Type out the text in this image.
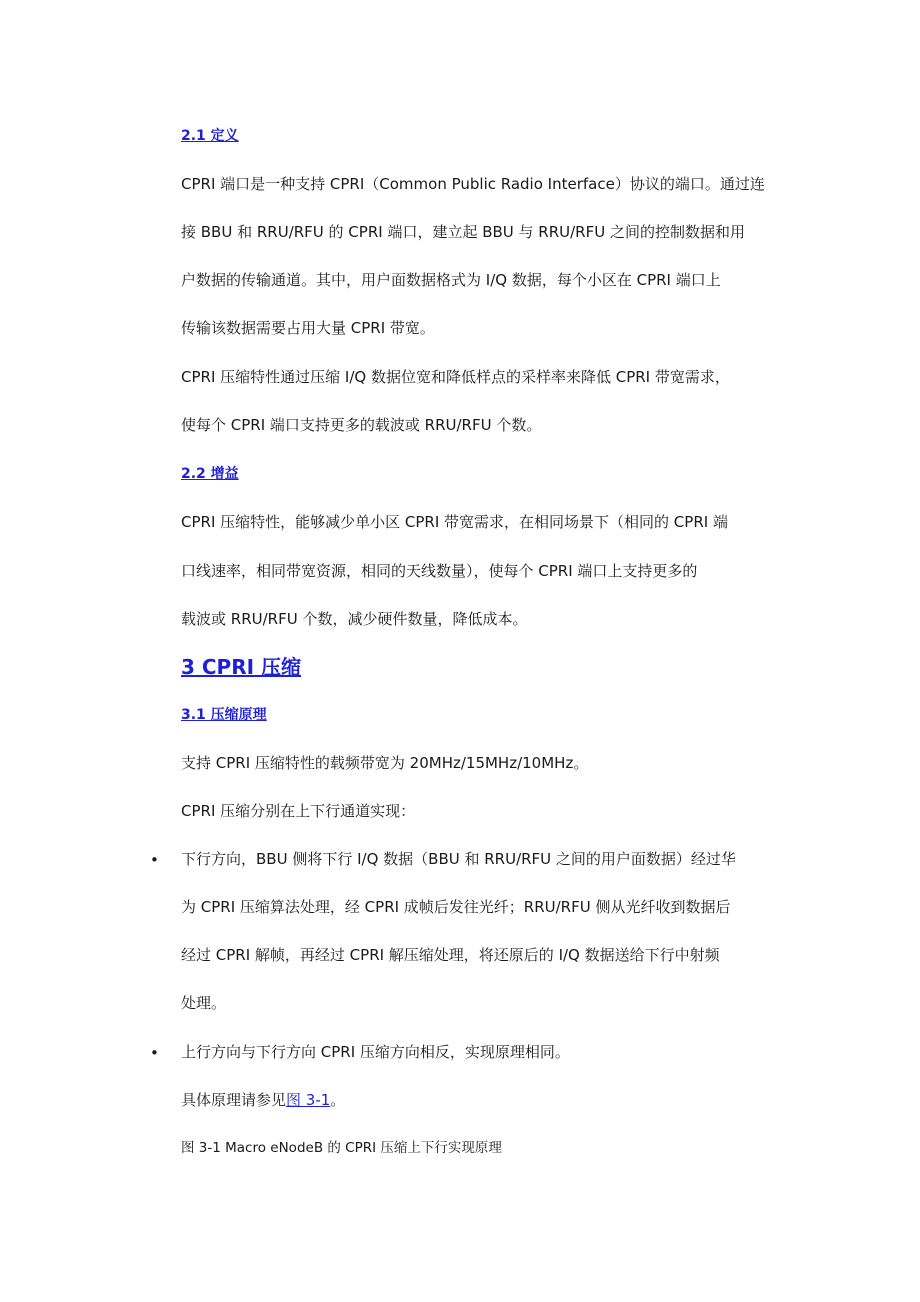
2.1 定义
CPRI 端口是一种支持 CPRI（Common Public Radio Interface）协议的端口。通过连
接 BBU 和 RRU/RFU 的 CPRI 端口，建立起 BBU 与 RRU/RFU 之间的控制数据和用
户数据的传输通道。其中，用户面数据格式为 I/Q 数据，每个小区在 CPRI 端口上
传输该数据需要占用大量 CPRI 带宽。
CPRI 压缩特性通过压缩 I/Q 数据位宽和降低样点的采样率来降低 CPRI 带宽需求，
使每个 CPRI 端口支持更多的载波或 RRU/RFU 个数。
2.2 增益
CPRI 压缩特性，能够减少单小区 CPRI 带宽需求，在相同场景下（相同的 CPRI 端
口线速率，相同带宽资源，相同的天线数量），使每个 CPRI 端口上支持更多的
载波或 RRU/RFU 个数，减少硬件数量，降低成本。
3 CPRI 压缩
3.1 压缩原理
支持 CPRI 压缩特性的载频带宽为 20MHz/15MHz/10MHz。
CPRI 压缩分别在上下行通道实现：
• 下行方向，BBU 侧将下行 I/Q 数据（BBU 和 RRU/RFU 之间的用户面数据）经过华
为 CPRI 压缩算法处理，经 CPRI 成帧后发往光纤；RRU/RFU 侧从光纤收到数据后
经过 CPRI 解帧，再经过 CPRI 解压缩处理，将还原后的 I/Q 数据送给下行中射频
处理。
• 上行方向与下行方向 CPRI 压缩方向相反，实现原理相同。
具体原理请参见图 3-1。
图 3-1 Macro eNodeB 的 CPRI 压缩上下行实现原理
